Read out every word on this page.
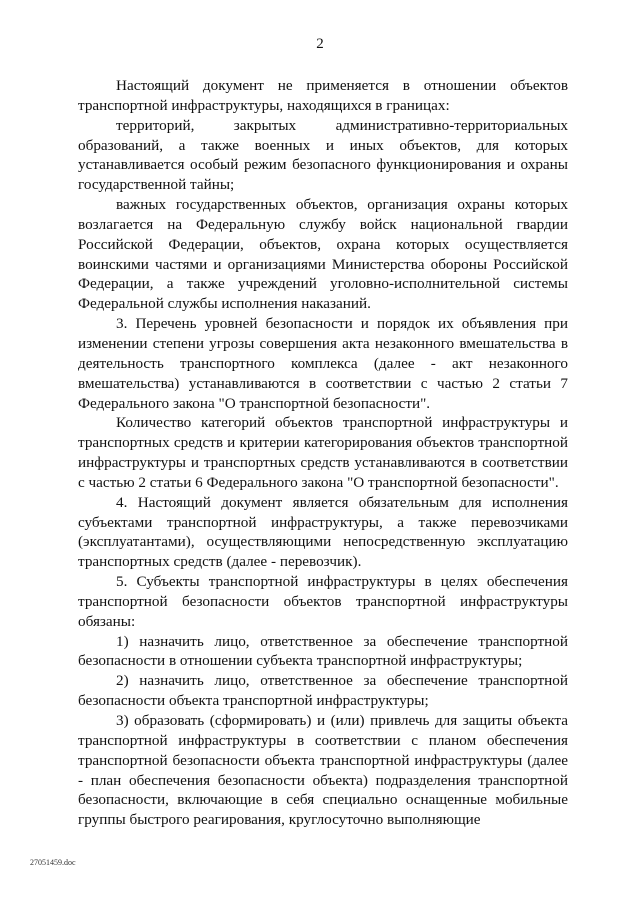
2

Настоящий документ не применяется в отношении объектов транспортной инфраструктуры, находящихся в границах:

территорий, закрытых административно-территориальных образований, а также военных и иных объектов, для которых устанавливается особый режим безопасного функционирования и охраны государственной тайны;

важных государственных объектов, организация охраны которых возлагается на Федеральную службу войск национальной гвардии Российской Федерации, объектов, охрана которых осуществляется воинскими частями и организациями Министерства обороны Российской Федерации, а также учреждений уголовно-исполнительной системы Федеральной службы исполнения наказаний.

3. Перечень уровней безопасности и порядок их объявления при изменении степени угрозы совершения акта незаконного вмешательства в деятельность транспортного комплекса (далее - акт незаконного вмешательства) устанавливаются в соответствии с частью 2 статьи 7 Федерального закона "О транспортной безопасности".

Количество категорий объектов транспортной инфраструктуры и транспортных средств и критерии категорирования объектов транспортной инфраструктуры и транспортных средств устанавливаются в соответствии с частью 2 статьи 6 Федерального закона "О транспортной безопасности".

4. Настоящий документ является обязательным для исполнения субъектами транспортной инфраструктуры, а также перевозчиками (эксплуатантами), осуществляющими непосредственную эксплуатацию транспортных средств (далее - перевозчик).

5. Субъекты транспортной инфраструктуры в целях обеспечения транспортной безопасности объектов транспортной инфраструктуры обязаны:

1) назначить лицо, ответственное за обеспечение транспортной безопасности в отношении субъекта транспортной инфраструктуры;

2) назначить лицо, ответственное за обеспечение транспортной безопасности объекта транспортной инфраструктуры;

3) образовать (сформировать) и (или) привлечь для защиты объекта транспортной инфраструктуры в соответствии с планом обеспечения транспортной безопасности объекта транспортной инфраструктуры (далее - план обеспечения безопасности объекта) подразделения транспортной безопасности, включающие в себя специально оснащенные мобильные группы быстрого реагирования, круглосуточно выполняющие

27051459.doc
